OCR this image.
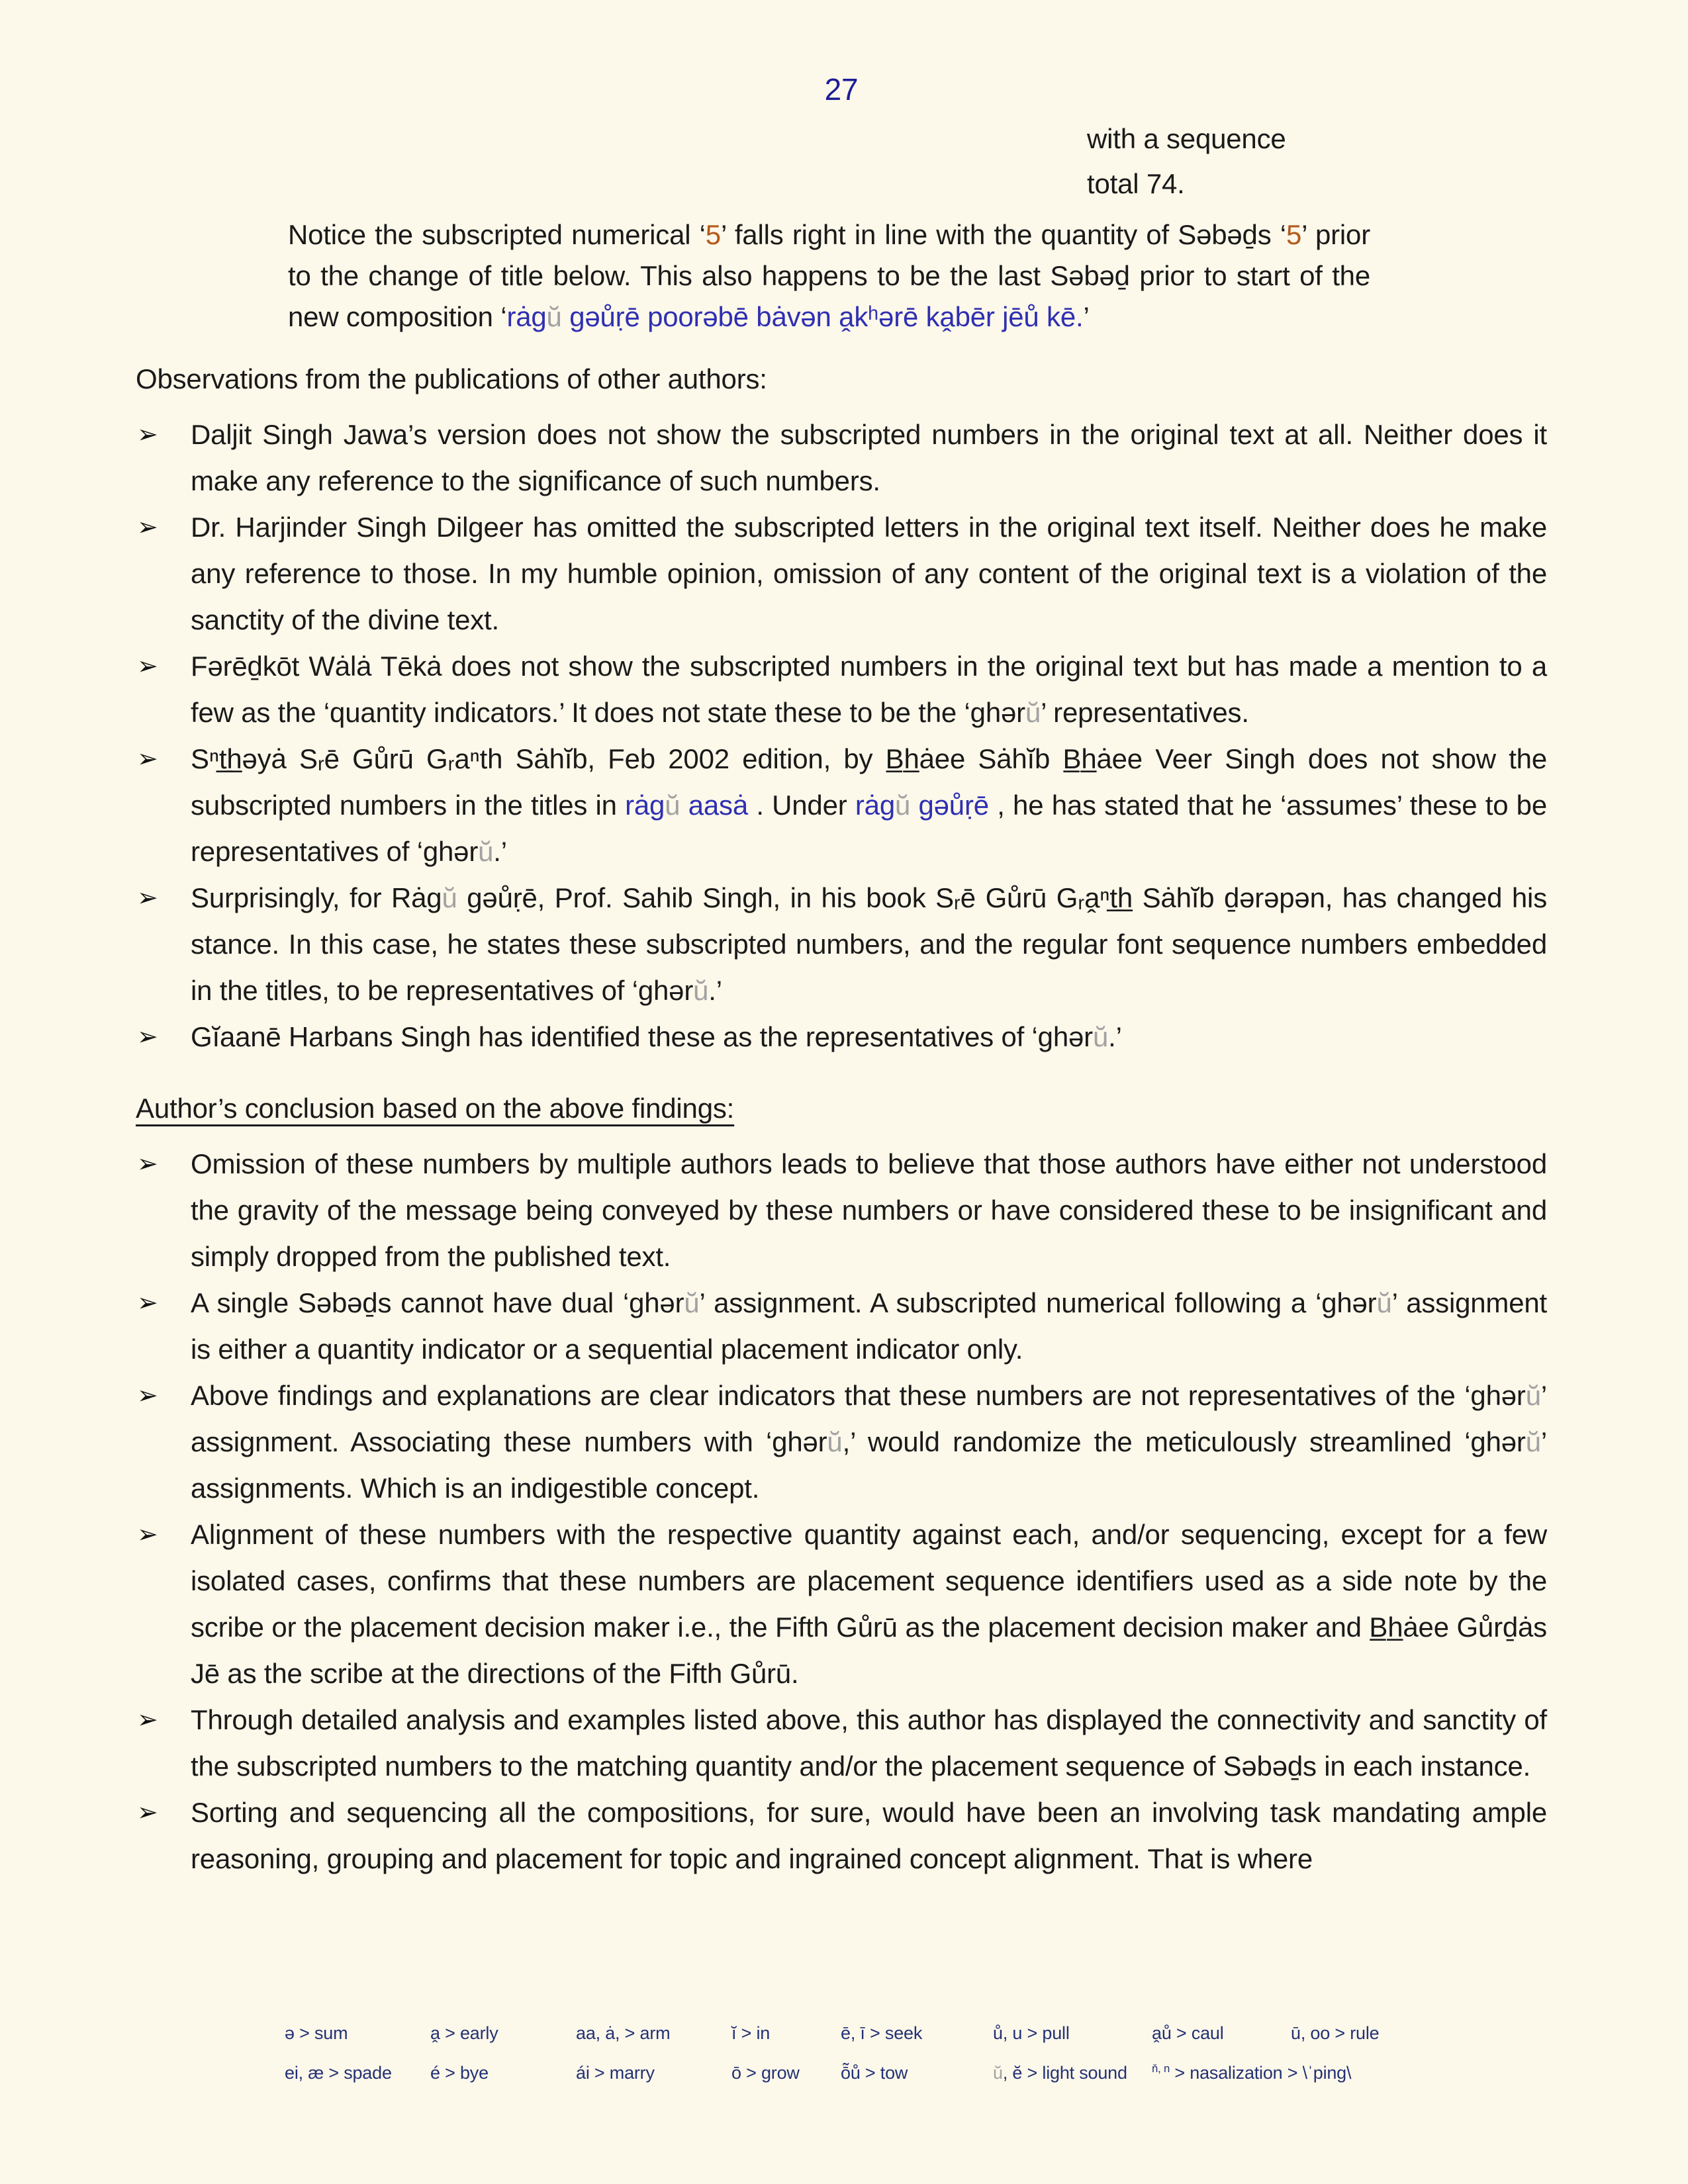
27
with a sequence
total 74.

Notice the subscripted numerical ‘5’ falls right in line with the quantity of Səbəḏs ‘5’ prior to the change of title below. This also happens to be the last Səbəḏ prior to start of the new composition ‘rȧgŭ gəůṛē poorəbē bȧvən a̭kʰərē ka̭bēr jēů kē.’

Observations from the publications of other authors:
➢ Daljit Singh Jawa’s version does not show the subscripted numbers in the original text at all. Neither does it make any reference to the significance of such numbers.
➢ Dr. Harjinder Singh Dilgeer has omitted the subscripted letters in the original text itself. Neither does he make any reference to those. In my humble opinion, omission of any content of the original text is a violation of the sanctity of the divine text.
➢ Fərēḏkōt Wȧlȧ Tēkȧ does not show the subscripted numbers in the original text but has made a mention to a few as the ‘quantity indicators.’ It does not state these to be the ‘ghərŭ’ representatives.
➢ Sⁿt̲h̲əyȧ Sᵣē Gůrū Gᵣaⁿth Sȧhĭb, Feb 2002 edition, by B̲h̲ȧee Sȧhĭb B̲h̲ȧee Veer Singh does not show the subscripted numbers in the titles in rȧgŭ aasȧ . Under rȧgŭ gəůṛē , he has stated that he ‘assumes’ these to be representatives of ‘ghərŭ.’
➢ Surprisingly, for Rȧgŭ gəůṛē, Prof. Sahib Singh, in his book Sᵣē Gůrū Gᵣa̭ⁿt̲h̲ Sȧhĭb ḏərəpən, has changed his stance. In this case, he states these subscripted numbers, and the regular font sequence numbers embedded in the titles, to be representatives of ‘ghərŭ.’
➢ Gĭaanē Harbans Singh has identified these as the representatives of ‘ghərŭ.’
Author’s conclusion based on the above findings:
➢ Omission of these numbers by multiple authors leads to believe that those authors have either not understood the gravity of the message being conveyed by these numbers or have considered these to be insignificant and simply dropped from the published text.
➢ A single Səbəḏs cannot have dual ‘ghərŭ’ assignment. A subscripted numerical following a ‘ghərŭ’ assignment is either a quantity indicator or a sequential placement indicator only.
➢ Above findings and explanations are clear indicators that these numbers are not representatives of the ‘ghərŭ’ assignment. Associating these numbers with ‘ghərŭ,’ would randomize the meticulously streamlined ‘ghərŭ’ assignments. Which is an indigestible concept.
➢ Alignment of these numbers with the respective quantity against each, and/or sequencing, except for a few isolated cases, confirms that these numbers are placement sequence identifiers used as a side note by the scribe or the placement decision maker i.e., the Fifth Gůrū as the placement decision maker and B̲h̲ȧee Gůrḏȧs Jē as the scribe at the directions of the Fifth Gůrū.
➢ Through detailed analysis and examples listed above, this author has displayed the connectivity and sanctity of the subscripted numbers to the matching quantity and/or the placement sequence of Səbəḏs in each instance.
➢ Sorting and sequencing all the compositions, for sure, would have been an involving task mandating ample reasoning, grouping and placement for topic and ingrained concept alignment. That is where
ə > sum	a̭ > early	aa, ȧ, > arm	ĭ > in	ē, ī > seek	ů, u > pull	a̭ů > caul	ū, oo > rule
ei, æ > spade	é > bye	ái > marry	ō > grow	ō̃ů > tow	ŭ, ĕ > light sound	$^{ň, n}$ > nasalization > \ˈping\
